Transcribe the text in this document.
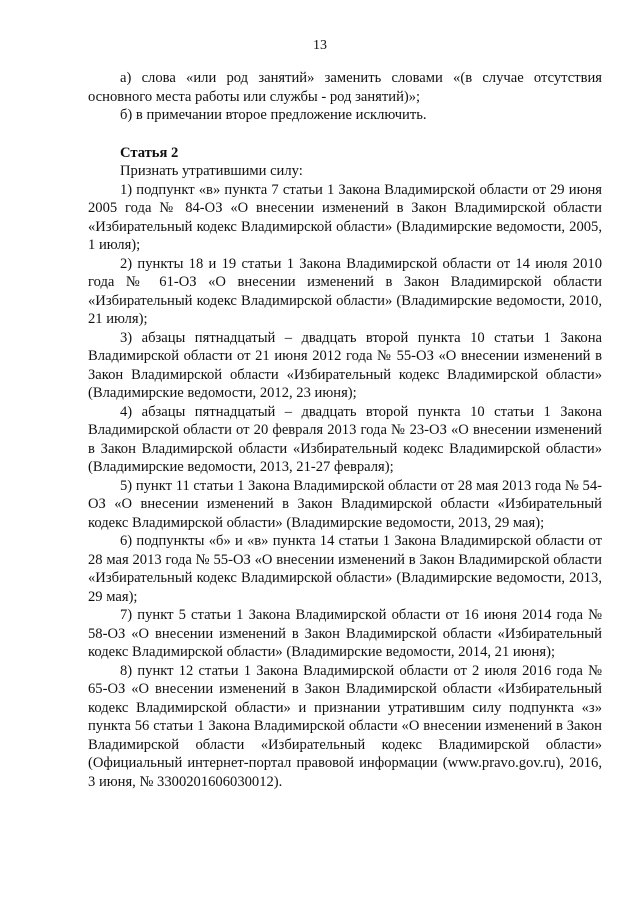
13

а) слова «или род занятий» заменить словами «(в случае отсутствия основного места работы или службы - род занятий)»;

б) в примечании второе предложение исключить.

Статья 2

Признать утратившими силу:

1) подпункт «в» пункта 7 статьи 1 Закона Владимирской области от 29 июня 2005 года № 84-ОЗ «О внесении изменений в Закон Владимирской области «Избирательный кодекс Владимирской области» (Владимирские ведомости, 2005, 1 июля);

2) пункты 18 и 19 статьи 1 Закона Владимирской области от 14 июля 2010 года № 61-ОЗ «О внесении изменений в Закон Владимирской области «Избирательный кодекс Владимирской области» (Владимирские ведомости, 2010, 21 июля);

3) абзацы пятнадцатый – двадцать второй пункта 10 статьи 1 Закона Владимирской области от 21 июня 2012 года № 55-ОЗ «О внесении изменений в Закон Владимирской области «Избирательный кодекс Владимирской области» (Владимирские ведомости, 2012, 23 июня);

4) абзацы пятнадцатый – двадцать второй пункта 10 статьи 1 Закона Владимирской области от 20 февраля 2013 года № 23-ОЗ «О внесении изменений в Закон Владимирской области «Избирательный кодекс Владимирской области» (Владимирские ведомости, 2013, 21-27 февраля);

5) пункт 11 статьи 1 Закона Владимирской области от 28 мая 2013 года № 54-ОЗ «О внесении изменений в Закон Владимирской области «Избирательный кодекс Владимирской области» (Владимирские ведомости, 2013, 29 мая);

6) подпункты «б» и «в» пункта 14 статьи 1 Закона Владимирской области от 28 мая 2013 года № 55-ОЗ «О внесении изменений в Закон Владимирской области «Избирательный кодекс Владимирской области» (Владимирские ведомости, 2013, 29 мая);

7) пункт 5 статьи 1 Закона Владимирской области от 16 июня 2014 года № 58-ОЗ «О внесении изменений в Закон Владимирской области «Избирательный кодекс Владимирской области» (Владимирские ведомости, 2014, 21 июня);

8) пункт 12 статьи 1 Закона Владимирской области от 2 июля 2016 года № 65-ОЗ «О внесении изменений в Закон Владимирской области «Избирательный кодекс Владимирской области» и признании утратившим силу подпункта «з» пункта 56 статьи 1 Закона Владимирской области «О внесении изменений в Закон Владимирской области «Избирательный кодекс Владимирской области» (Официальный интернет-портал правовой информации (www.pravo.gov.ru), 2016, 3 июня, № 3300201606030012).
